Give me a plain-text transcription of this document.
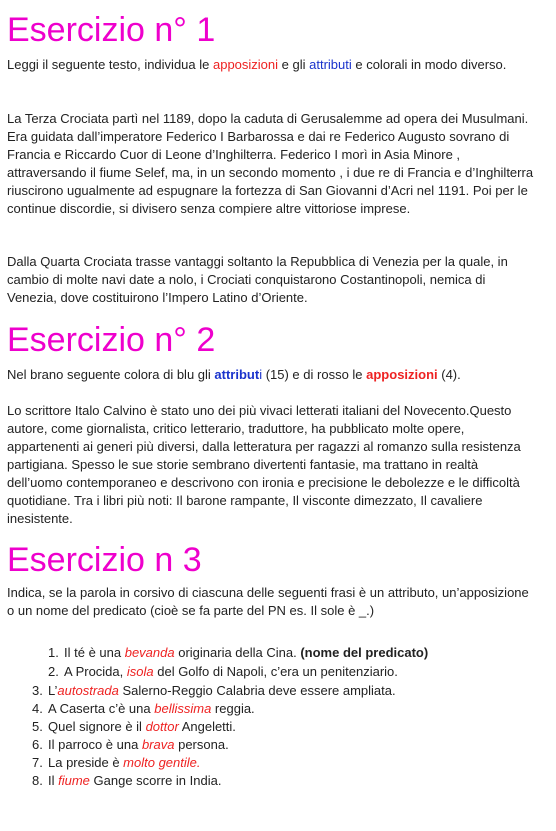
Esercizio n° 1

Leggi il seguente testo, individua le apposizioni e gli attributi e colorali in modo diverso.

La Terza Crociata partì nel 1189, dopo la caduta di Gerusalemme ad opera dei Musulmani. Era guidata dall’imperatore Federico I Barbarossa e dai re Federico Augusto sovrano di Francia e Riccardo Cuor di Leone d’Inghilterra. Federico I morì in Asia Minore , attraversando il fiume Selef, ma, in un secondo momento , i due re di Francia e d’Inghilterra riuscirono ugualmente ad espugnare la fortezza di San Giovanni d’Acri nel 1191. Poi per le continue discordie, si divisero senza compiere altre vittoriose imprese.

Dalla Quarta Crociata trasse vantaggi soltanto la Repubblica di Venezia per la quale, in cambio di molte navi date a nolo, i Crociati conquistarono Costantinopoli, nemica di Venezia, dove costituirono l’Impero Latino d’Oriente.

Esercizio n° 2

Nel brano seguente colora di blu gli attributi (15) e di rosso le apposizioni (4).

Lo scrittore Italo Calvino è stato uno dei più vivaci letterati italiani del Novecento.Questo autore, come giornalista, critico letterario, traduttore, ha pubblicato molte opere, appartenenti ai generi più diversi, dalla letteratura per ragazzi al romanzo sulla resistenza partigiana. Spesso le sue storie sembrano divertenti fantasie, ma trattano in realtà dell’uomo contemporaneo e descrivono con ironia e precisione le debolezze e le difficoltà quotidiane. Tra i libri più noti: Il barone rampante, Il visconte dimezzato, Il cavaliere inesistente.

Esercizio n 3

Indica, se la parola in corsivo di ciascuna delle seguenti frasi è un attributo, un’apposizione o un nome del predicato (cioè se fa parte del PN es. Il sole è _.)

1. Il té è una bevanda originaria della Cina. (nome del predicato)
2. A Procida, isola del Golfo di Napoli, c’era un penitenziario.
3. L’autostrada Salerno-Reggio Calabria deve essere ampliata.
4. A Caserta c’è una bellissima reggia.
5. Quel signore è il dottor Angeletti.
6. Il parroco è una brava persona.
7. La preside è molto gentile.
8. Il fiume Gange scorre in India.
